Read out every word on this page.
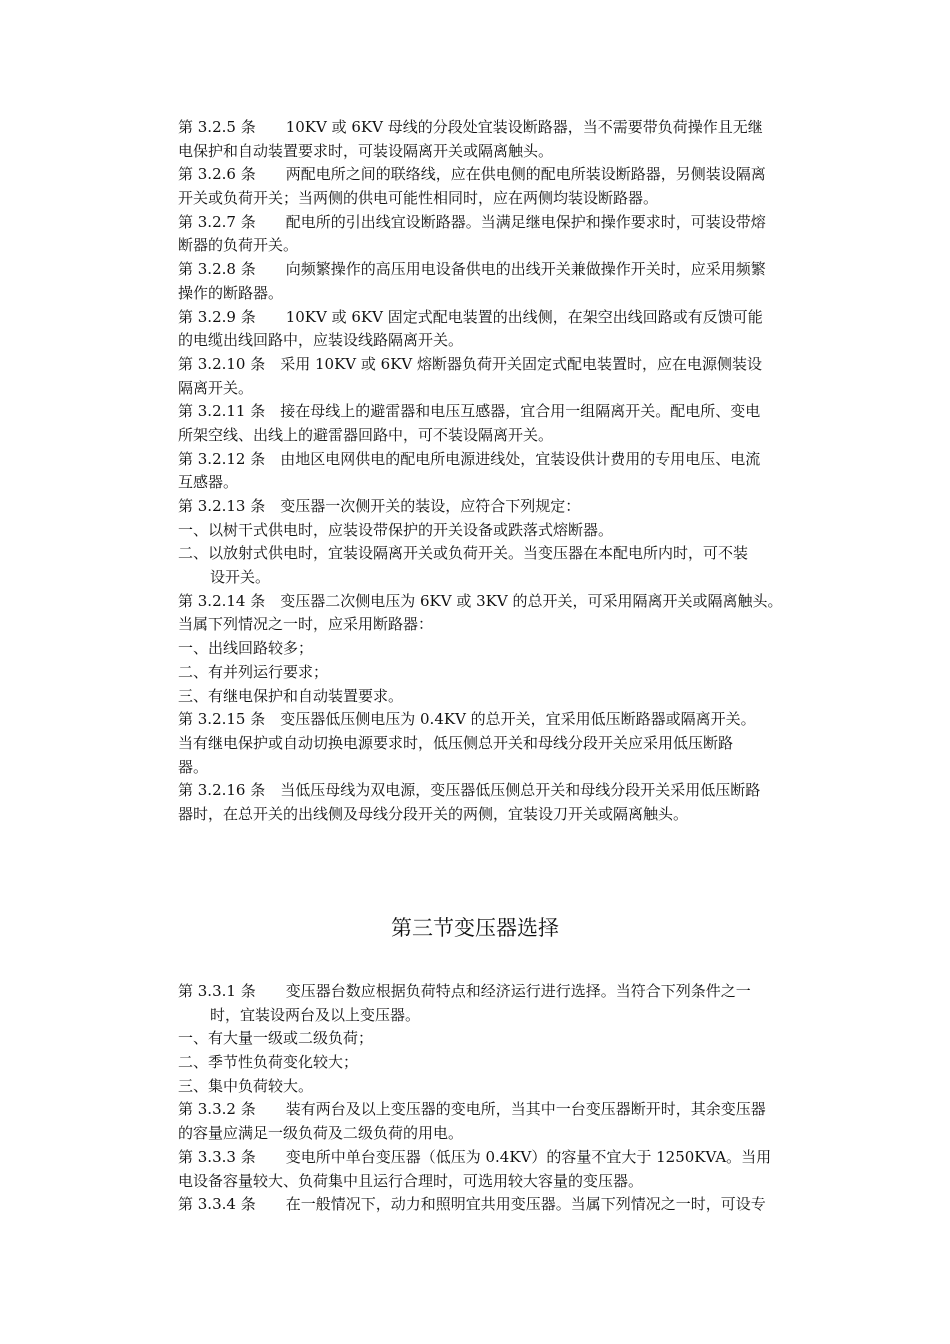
第 3.2.5 条　　10KV 或 6KV 母线的分段处宜装设断路器，当不需要带负荷操作且无继
电保护和自动装置要求时，可装设隔离开关或隔离触头。
第 3.2.6 条　　两配电所之间的联络线，应在供电侧的配电所装设断路器，另侧装设隔离
开关或负荷开关；当两侧的供电可能性相同时，应在两侧均装设断路器。
第 3.2.7 条　　配电所的引出线宜设断路器。当满足继电保护和操作要求时，可装设带熔
断器的负荷开关。
第 3.2.8 条　　向频繁操作的高压用电设备供电的出线开关兼做操作开关时，应采用频繁
操作的断路器。
第 3.2.9 条　　10KV 或 6KV 固定式配电装置的出线侧，在架空出线回路或有反馈可能
的电缆出线回路中，应装设线路隔离开关。
第 3.2.10 条　采用 10KV 或 6KV 熔断器负荷开关固定式配电装置时，应在电源侧装设
隔离开关。
第 3.2.11 条　接在母线上的避雷器和电压互感器，宜合用一组隔离开关。配电所、变电
所架空线、出线上的避雷器回路中，可不装设隔离开关。
第 3.2.12 条　由地区电网供电的配电所电源进线处，宜装设供计费用的专用电压、电流
互感器。
第 3.2.13 条　变压器一次侧开关的装设，应符合下列规定：
一、以树干式供电时，应装设带保护的开关设备或跌落式熔断器。
二、以放射式供电时，宜装设隔离开关或负荷开关。当变压器在本配电所内时，可不装
设开关。
第 3.2.14 条　变压器二次侧电压为 6KV 或 3KV 的总开关，可采用隔离开关或隔离触头。
当属下列情况之一时，应采用断路器：
一、出线回路较多；
二、有并列运行要求；
三、有继电保护和自动装置要求。
第 3.2.15 条　变压器低压侧电压为 0.4KV 的总开关，宜采用低压断路器或隔离开关。
当有继电保护或自动切换电源要求时，低压侧总开关和母线分段开关应采用低压断路
器。
第 3.2.16 条　当低压母线为双电源，变压器低压侧总开关和母线分段开关采用低压断路
器时，在总开关的出线侧及母线分段开关的两侧，宜装设刀开关或隔离触头。
第三节变压器选择
第 3.3.1 条　　变压器台数应根据负荷特点和经济运行进行选择。当符合下列条件之一
时，宜装设两台及以上变压器。
一、有大量一级或二级负荷；
二、季节性负荷变化较大；
三、集中负荷较大。
第 3.3.2 条　　装有两台及以上变压器的变电所，当其中一台变压器断开时，其余变压器
的容量应满足一级负荷及二级负荷的用电。
第 3.3.3 条　　变电所中单台变压器（低压为 0.4KV）的容量不宜大于 1250KVA。当用
电设备容量较大、负荷集中且运行合理时，可选用较大容量的变压器。
第 3.3.4 条　　在一般情况下，动力和照明宜共用变压器。当属下列情况之一时，可设专
